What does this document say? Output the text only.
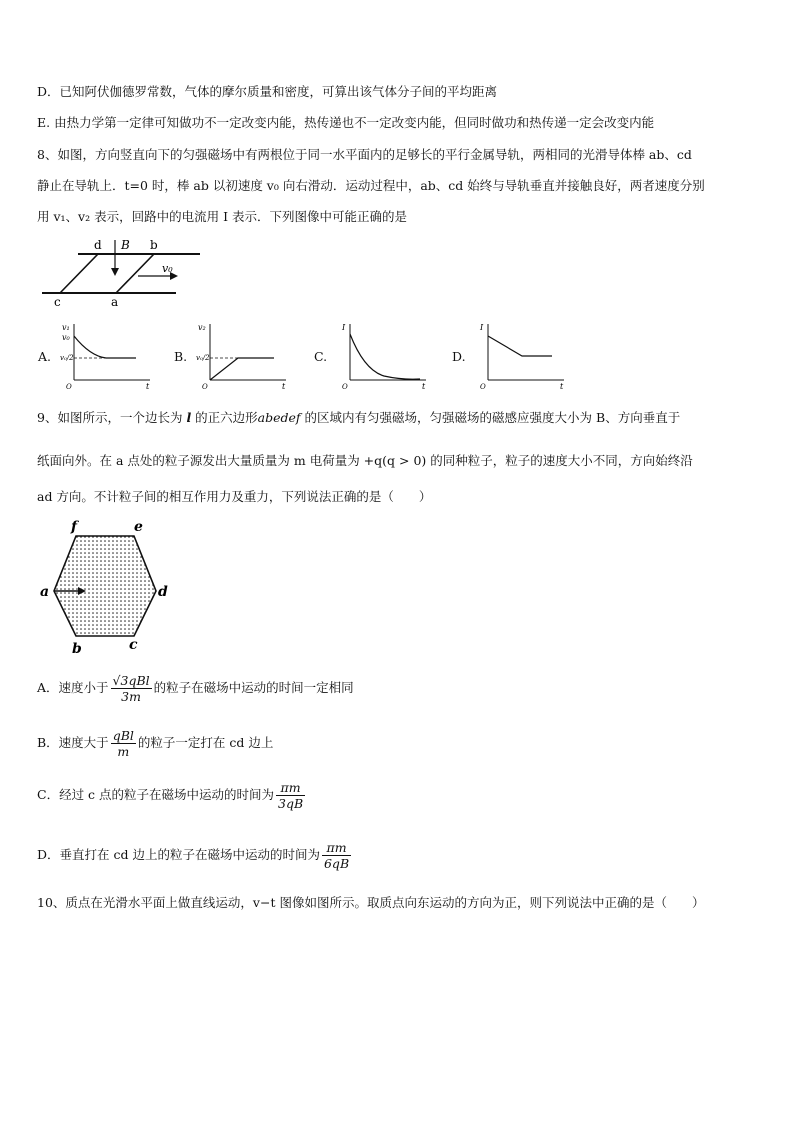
D．已知阿伏伽德罗常数，气体的摩尔质量和密度，可算出该气体分子间的平均距离
E. 由热力学第一定律可知做功不一定改变内能，热传递也不一定改变内能，但同时做功和热传递一定会改变内能
8、如图，方向竖直向下的匀强磁场中有两根位于同一水平面内的足够长的平行金属导轨，两相同的光滑导体棒 ab、cd
静止在导轨上．t=0 时，棒 ab 以初速度 v₀ 向右滑动．运动过程中，ab、cd 始终与导轨垂直并接触良好，两者速度分别
用 v₁、v₂ 表示，回路中的电流用 I 表示．下列图像中可能正确的是
d B b
v₀
c	a
A.
v₁
v₀
v₀/2
O	t
B.
v₂
v₀/2
O	t
C.
I
O	t
D.
I
O	t
9、如图所示，一个边长为 l 的正六边形abedef 的区域内有匀强磁场，匀强磁场的磁感应强度大小为 B、方向垂直于
纸面向外。在 a 点处的粒子源发出大量质量为 m 电荷量为 +q(q > 0) 的同种粒子，粒子的速度大小不同，方向始终沿
ad 方向。不计粒子间的相互作用力及重力，下列说法正确的是（　　）
f	e
a	d
b	c
A．速度小于 $\frac{\text{√3qBl}}{3m}$ 的粒子在磁场中运动的时间一定相同
B．速度大于 $\frac{\text{qBl}}{m}$ 的粒子一定打在 cd 边上
C．经过 c 点的粒子在磁场中运动的时间为 $\frac{\pi m}{3qB}$
D．垂直打在 cd 边上的粒子在磁场中运动的时间为 $\frac{\pi m}{6qB}$
10、质点在光滑水平面上做直线运动，v−t 图像如图所示。取质点向东运动的方向为正，则下列说法中正确的是（　　）
